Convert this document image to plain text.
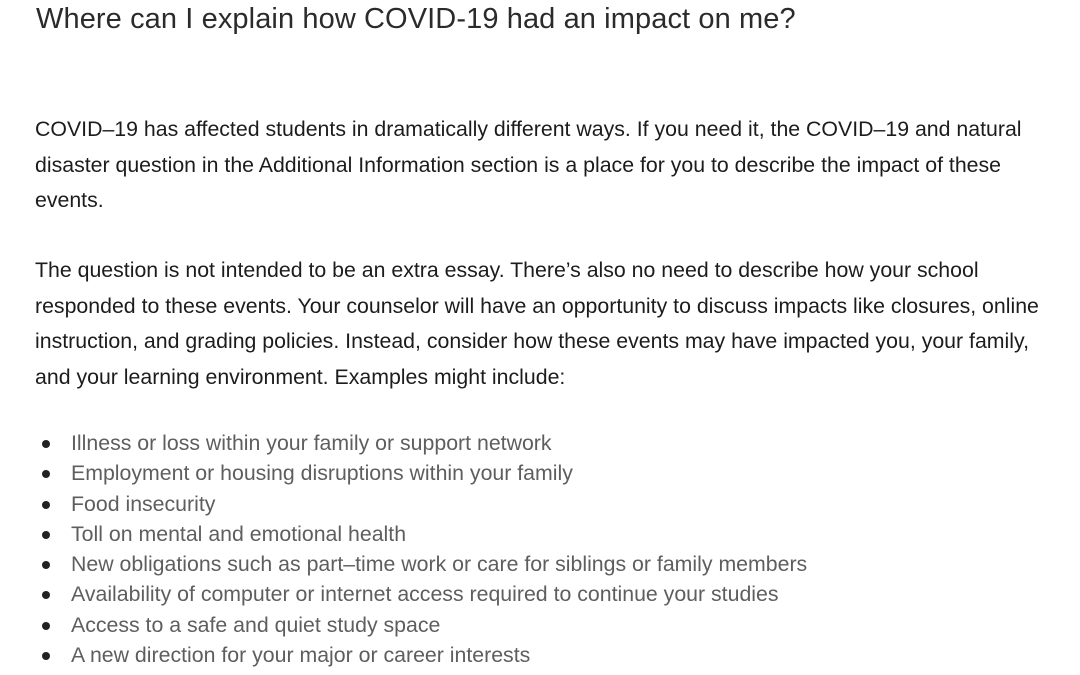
Where can I explain how COVID-19 had an impact on me?

COVID–19 has affected students in dramatically different ways. If you need it, the COVID–19 and natural disaster question in the Additional Information section is a place for you to describe the impact of these events.

The question is not intended to be an extra essay. There’s also no need to describe how your school responded to these events. Your counselor will have an opportunity to discuss impacts like closures, online instruction, and grading policies. Instead, consider how these events may have impacted you, your family, and your learning environment. Examples might include:

Illness or loss within your family or support network
Employment or housing disruptions within your family
Food insecurity
Toll on mental and emotional health
New obligations such as part–time work or care for siblings or family members
Availability of computer or internet access required to continue your studies
Access to a safe and quiet study space
A new direction for your major or career interests
